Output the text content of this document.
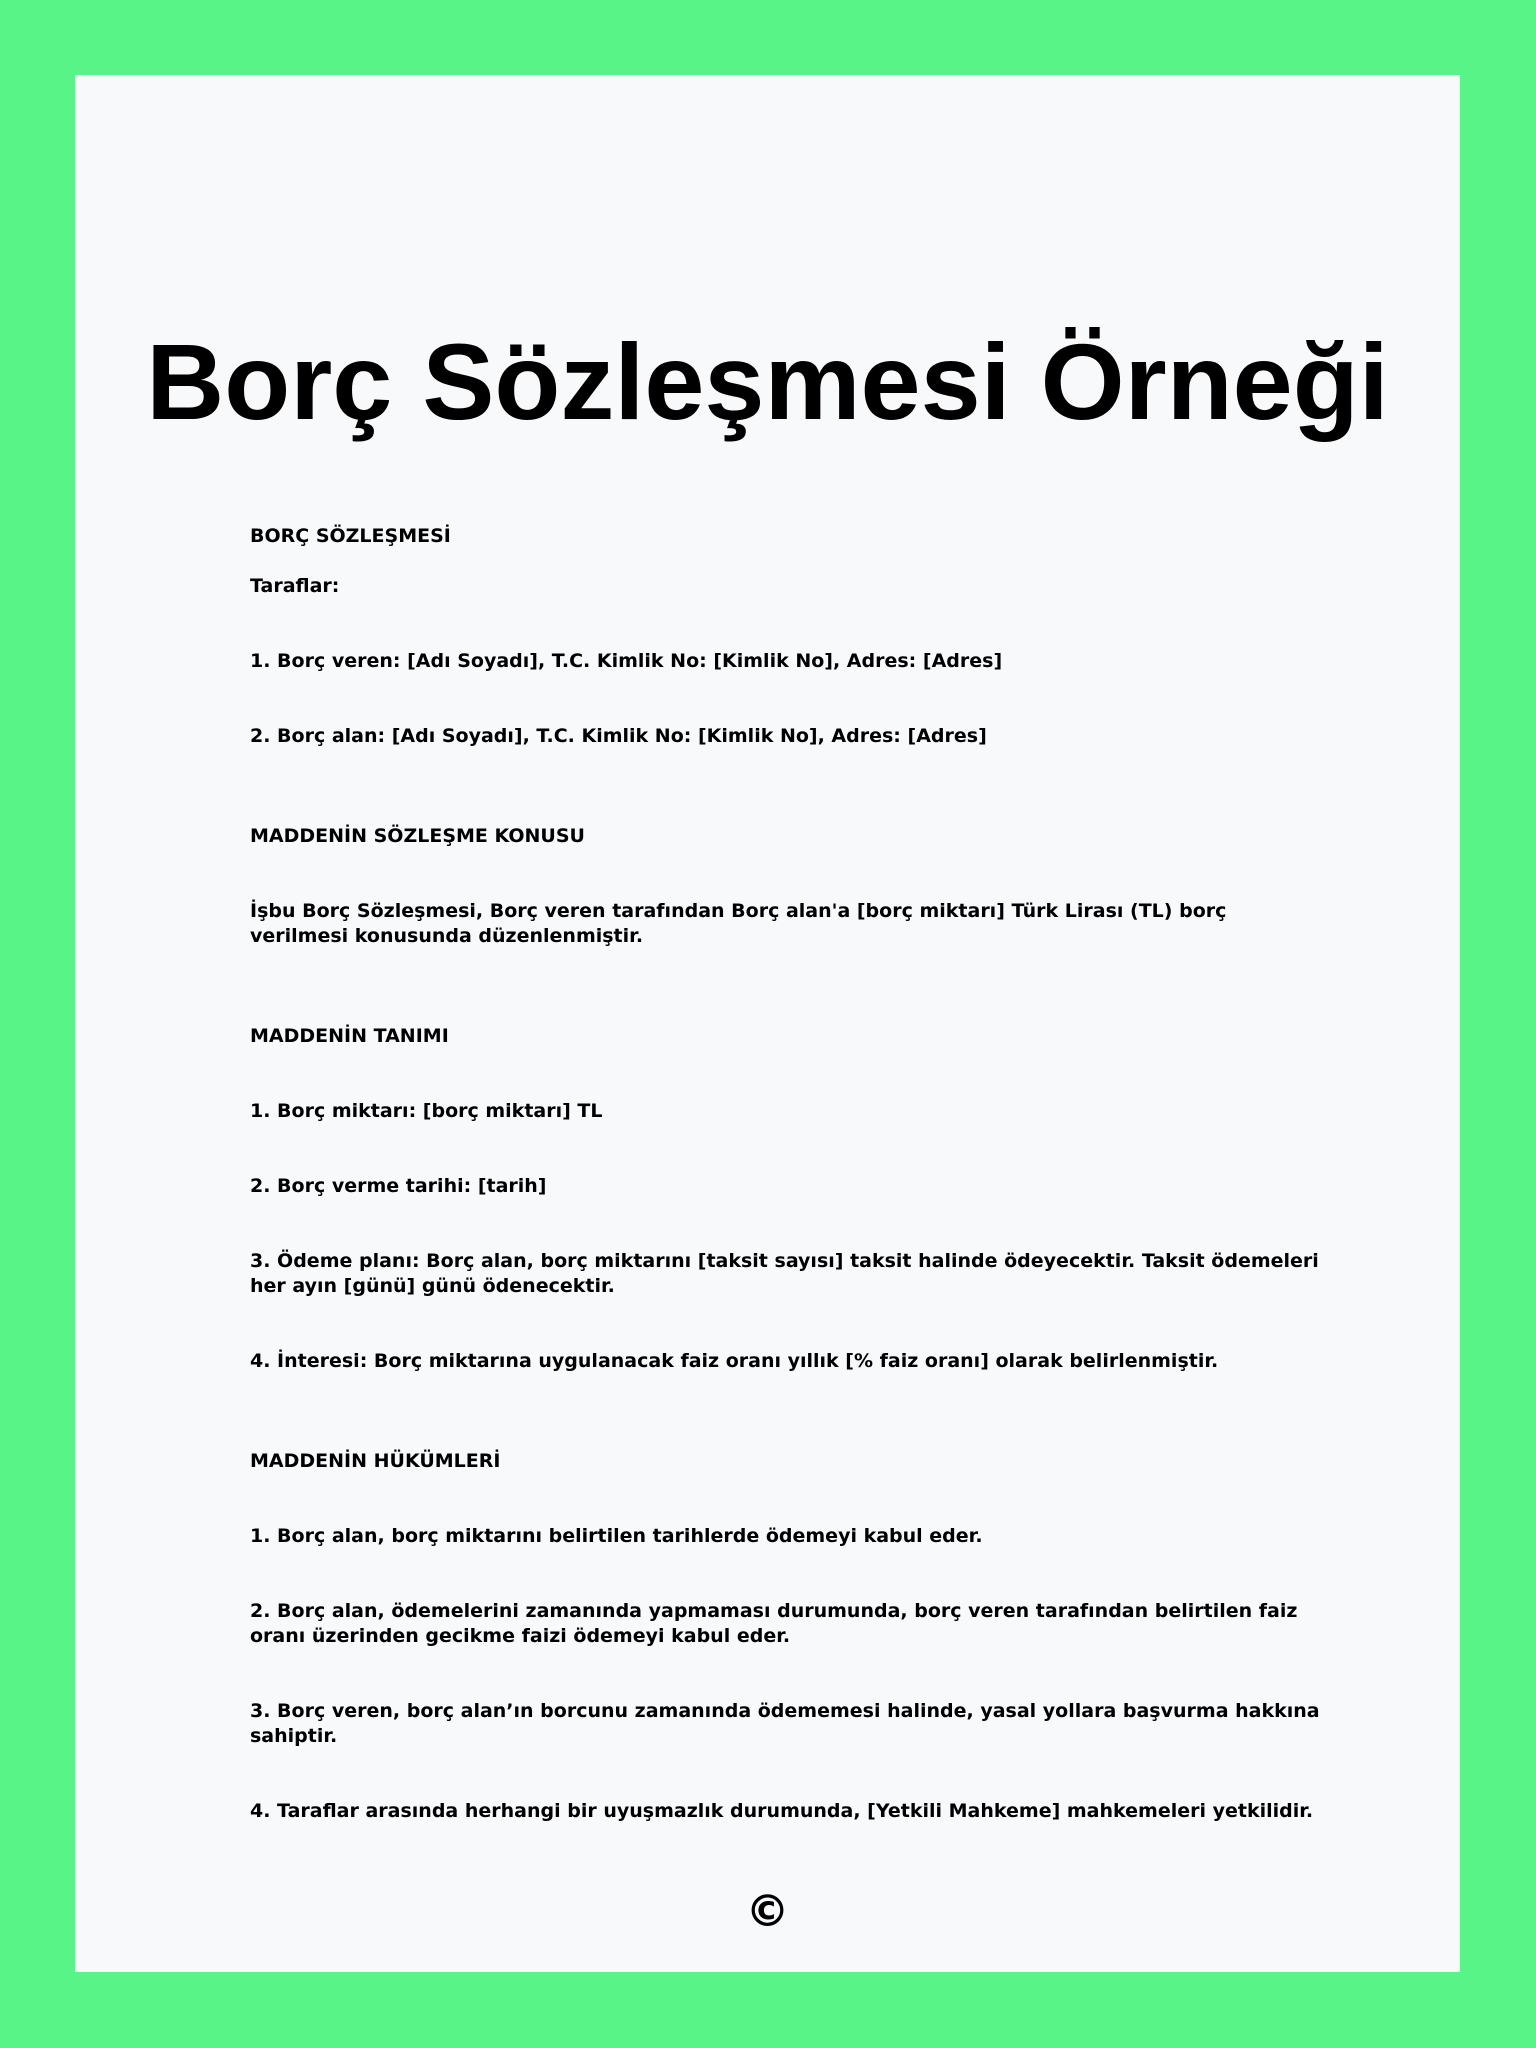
Borç Sözleşmesi Örneği

BORÇ SÖZLEŞMESİ

Taraflar:

1. Borç veren: [Adı Soyadı], T.C. Kimlik No: [Kimlik No], Adres: [Adres]
2. Borç alan: [Adı Soyadı], T.C. Kimlik No: [Kimlik No], Adres: [Adres]

MADDENİN SÖZLEŞME KONUSU

İşbu Borç Sözleşmesi, Borç veren tarafından Borç alan'a [borç miktarı] Türk Lirası (TL) borç verilmesi konusunda düzenlenmiştir.

MADDENİN TANIMI

1. Borç miktarı: [borç miktarı] TL
2. Borç verme tarihi: [tarih]
3. Ödeme planı: Borç alan, borç miktarını [taksit sayısı] taksit halinde ödeyecektir. Taksit ödemeleri her ayın [günü] günü ödenecektir.
4. İnteresi: Borç miktarına uygulanacak faiz oranı yıllık [% faiz oranı] olarak belirlenmiştir.

MADDENİN HÜKÜMLERİ

1. Borç alan, borç miktarını belirtilen tarihlerde ödemeyi kabul eder.
2. Borç alan, ödemelerini zamanında yapmaması durumunda, borç veren tarafından belirtilen faiz oranı üzerinden gecikme faizi ödemeyi kabul eder.
3. Borç veren, borç alan’ın borcunu zamanında ödememesi halinde, yasal yollara başvurma hakkına sahiptir.
4. Taraflar arasında herhangi bir uyuşmazlık durumunda, [Yetkili Mahkeme] mahkemeleri yetkilidir.
©
